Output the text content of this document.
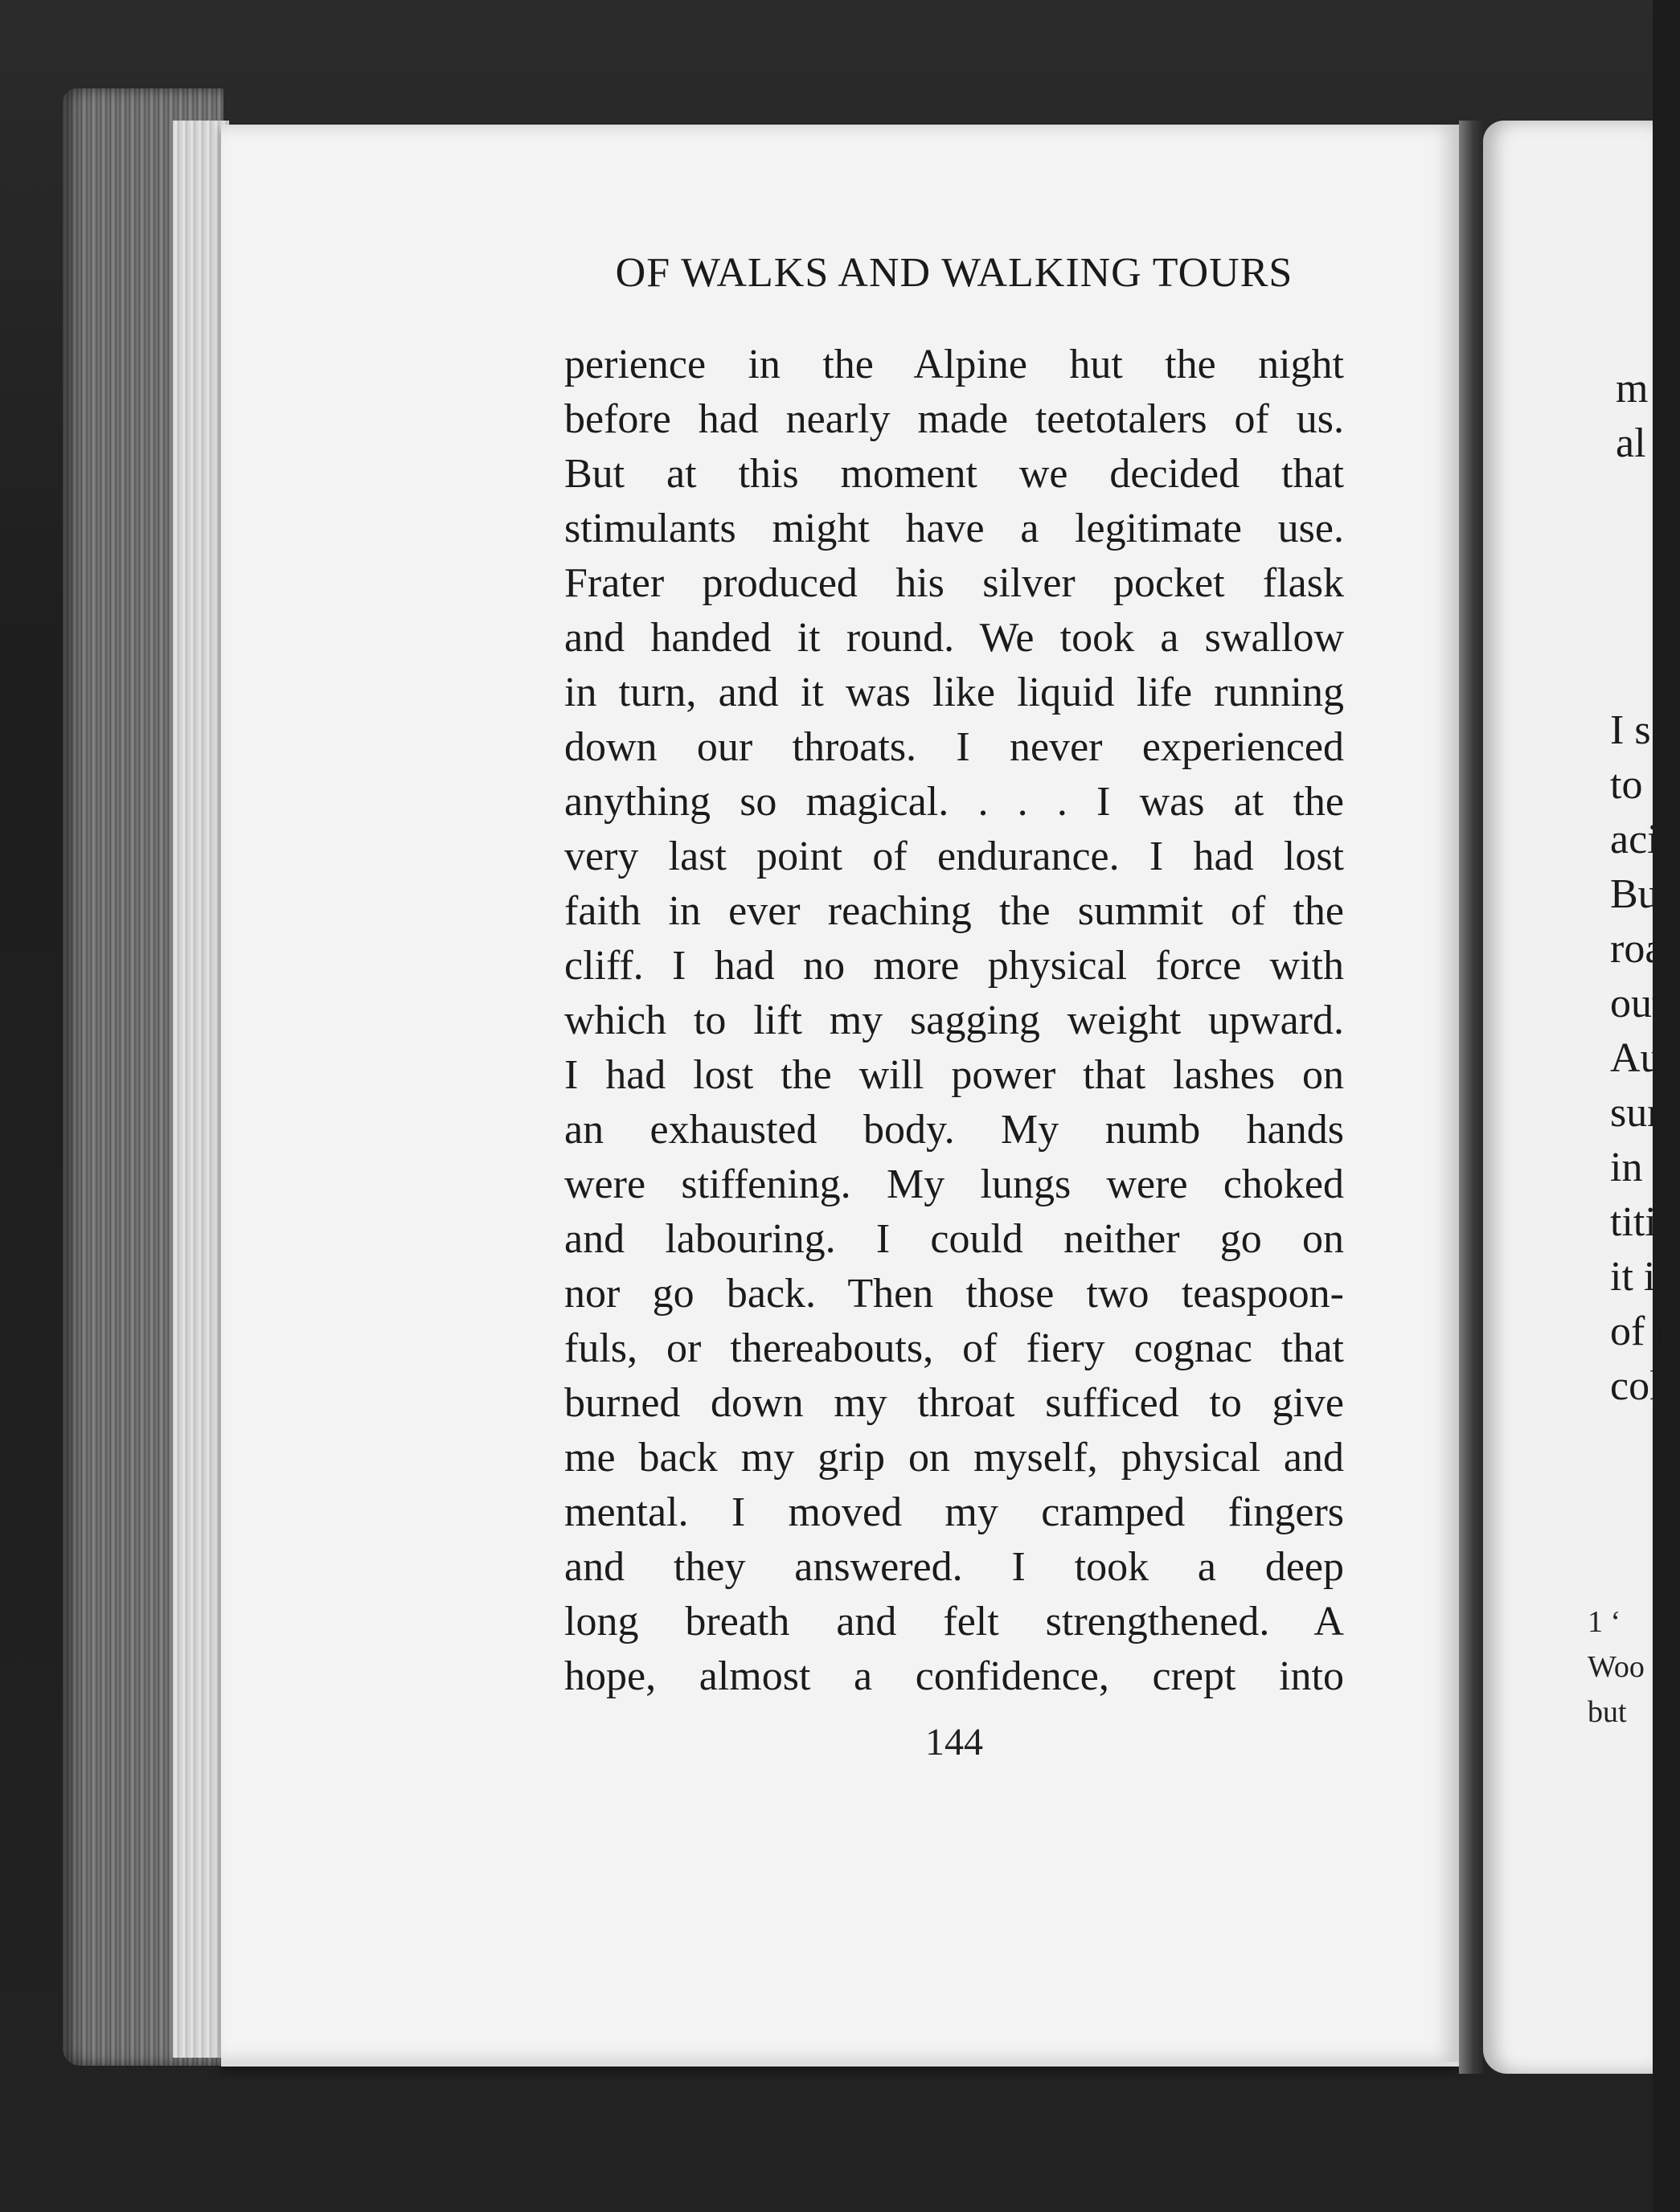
OF WALKS AND WALKING TOURS
perience in the Alpine hut the night
before had nearly made teetotalers of us.
But at this moment we decided that
stimulants might have a legitimate use.
Frater produced his silver pocket flask
and handed it round. We took a swallow
in turn, and it was like liquid life running
down our throats. I never experienced
anything so magical. . . . I was at the
very last point of endurance. I had lost
faith in ever reaching the summit of the
cliff. I had no more physical force with
which to lift my sagging weight upward.
I had lost the will power that lashes on
an exhausted body. My numb hands
were stiffening. My lungs were choked
and labouring. I could neither go on
nor go back. Then those two teaspoon-
fuls, or thereabouts, of fiery cognac that
burned down my throat sufficed to give
me back my grip on myself, physical and
mental. I moved my cramped fingers
and they answered. I took a deep
long breath and felt strengthened. A
hope, almost a confidence, crept into
144
m
al
I s
to
aci
Bu
roa
out
Au
sur
in
titi
it is
of r
colc
1 ‘
Woo
but
